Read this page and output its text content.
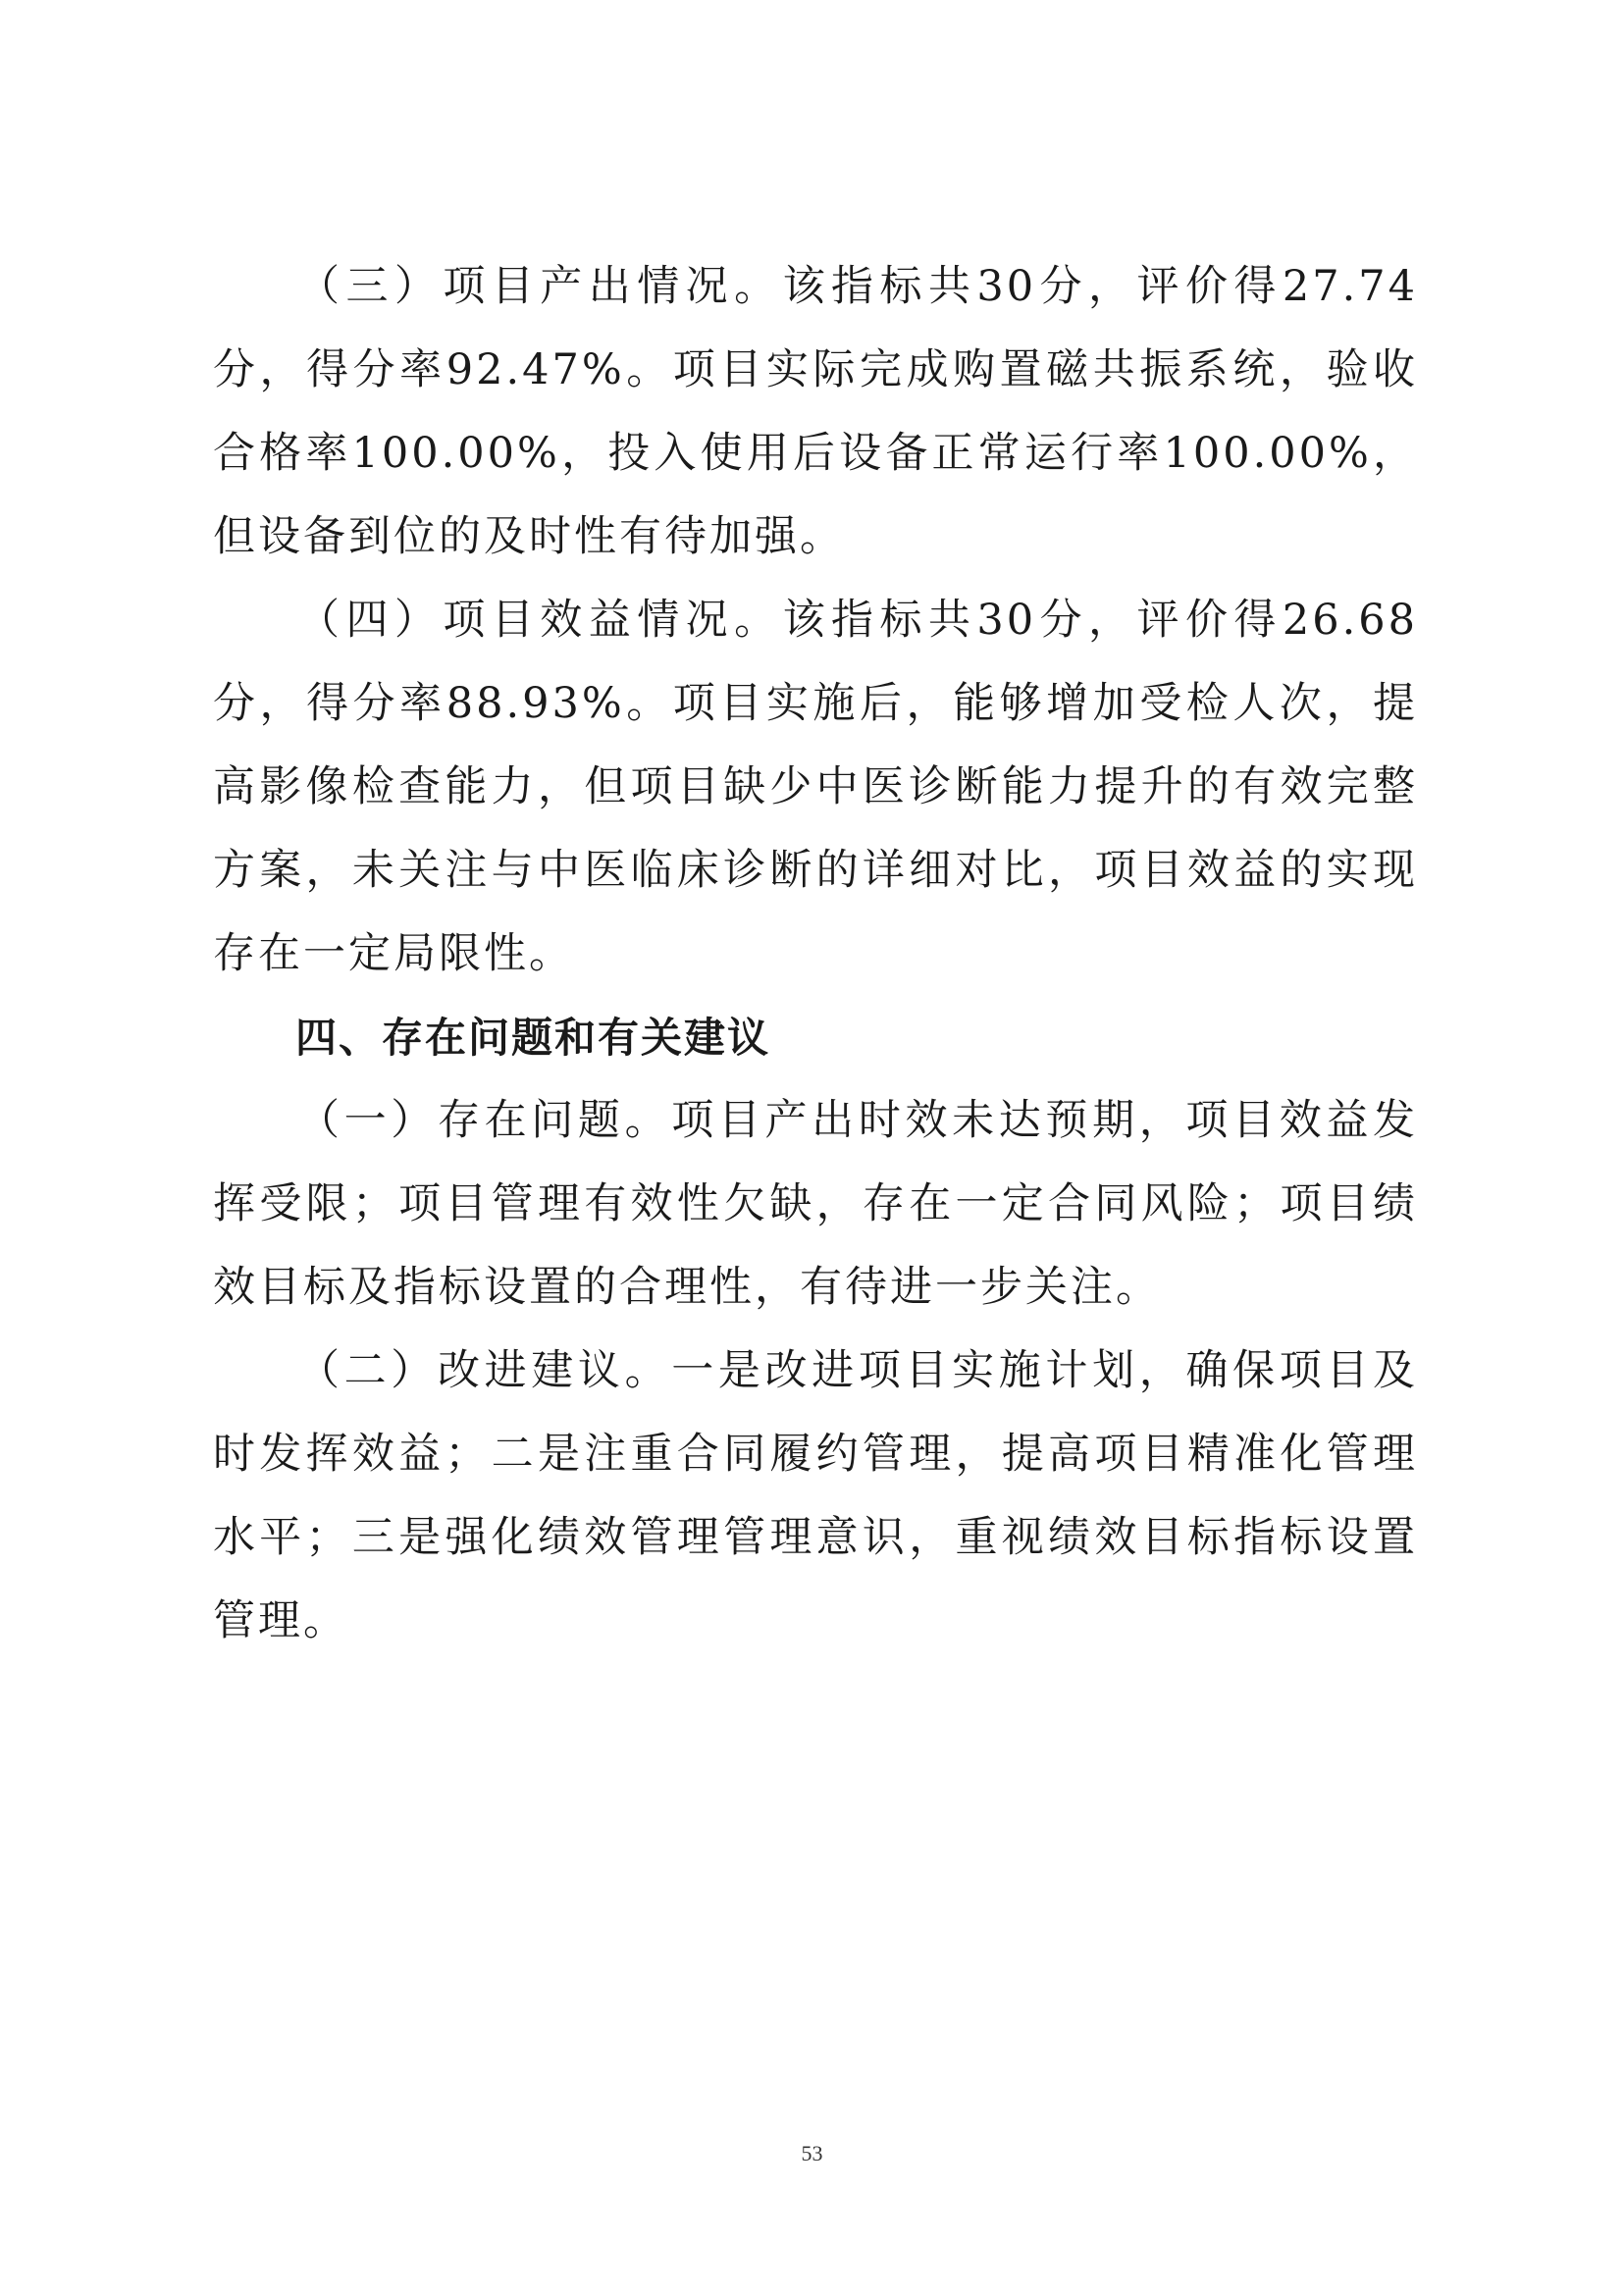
（三）项目产出情况。该指标共30分，评价得27.74分，得分率92.47%。项目实际完成购置磁共振系统，验收合格率100.00%，投入使用后设备正常运行率100.00%，但设备到位的及时性有待加强。

（四）项目效益情况。该指标共30分，评价得26.68分，得分率88.93%。项目实施后，能够增加受检人次，提高影像检查能力，但项目缺少中医诊断能力提升的有效完整方案，未关注与中医临床诊断的详细对比，项目效益的实现存在一定局限性。

四、存在问题和有关建议

（一）存在问题。项目产出时效未达预期，项目效益发挥受限；项目管理有效性欠缺，存在一定合同风险；项目绩效目标及指标设置的合理性，有待进一步关注。

（二）改进建议。一是改进项目实施计划，确保项目及时发挥效益；二是注重合同履约管理，提高项目精准化管理水平；三是强化绩效管理管理意识，重视绩效目标指标设置管理。

53
